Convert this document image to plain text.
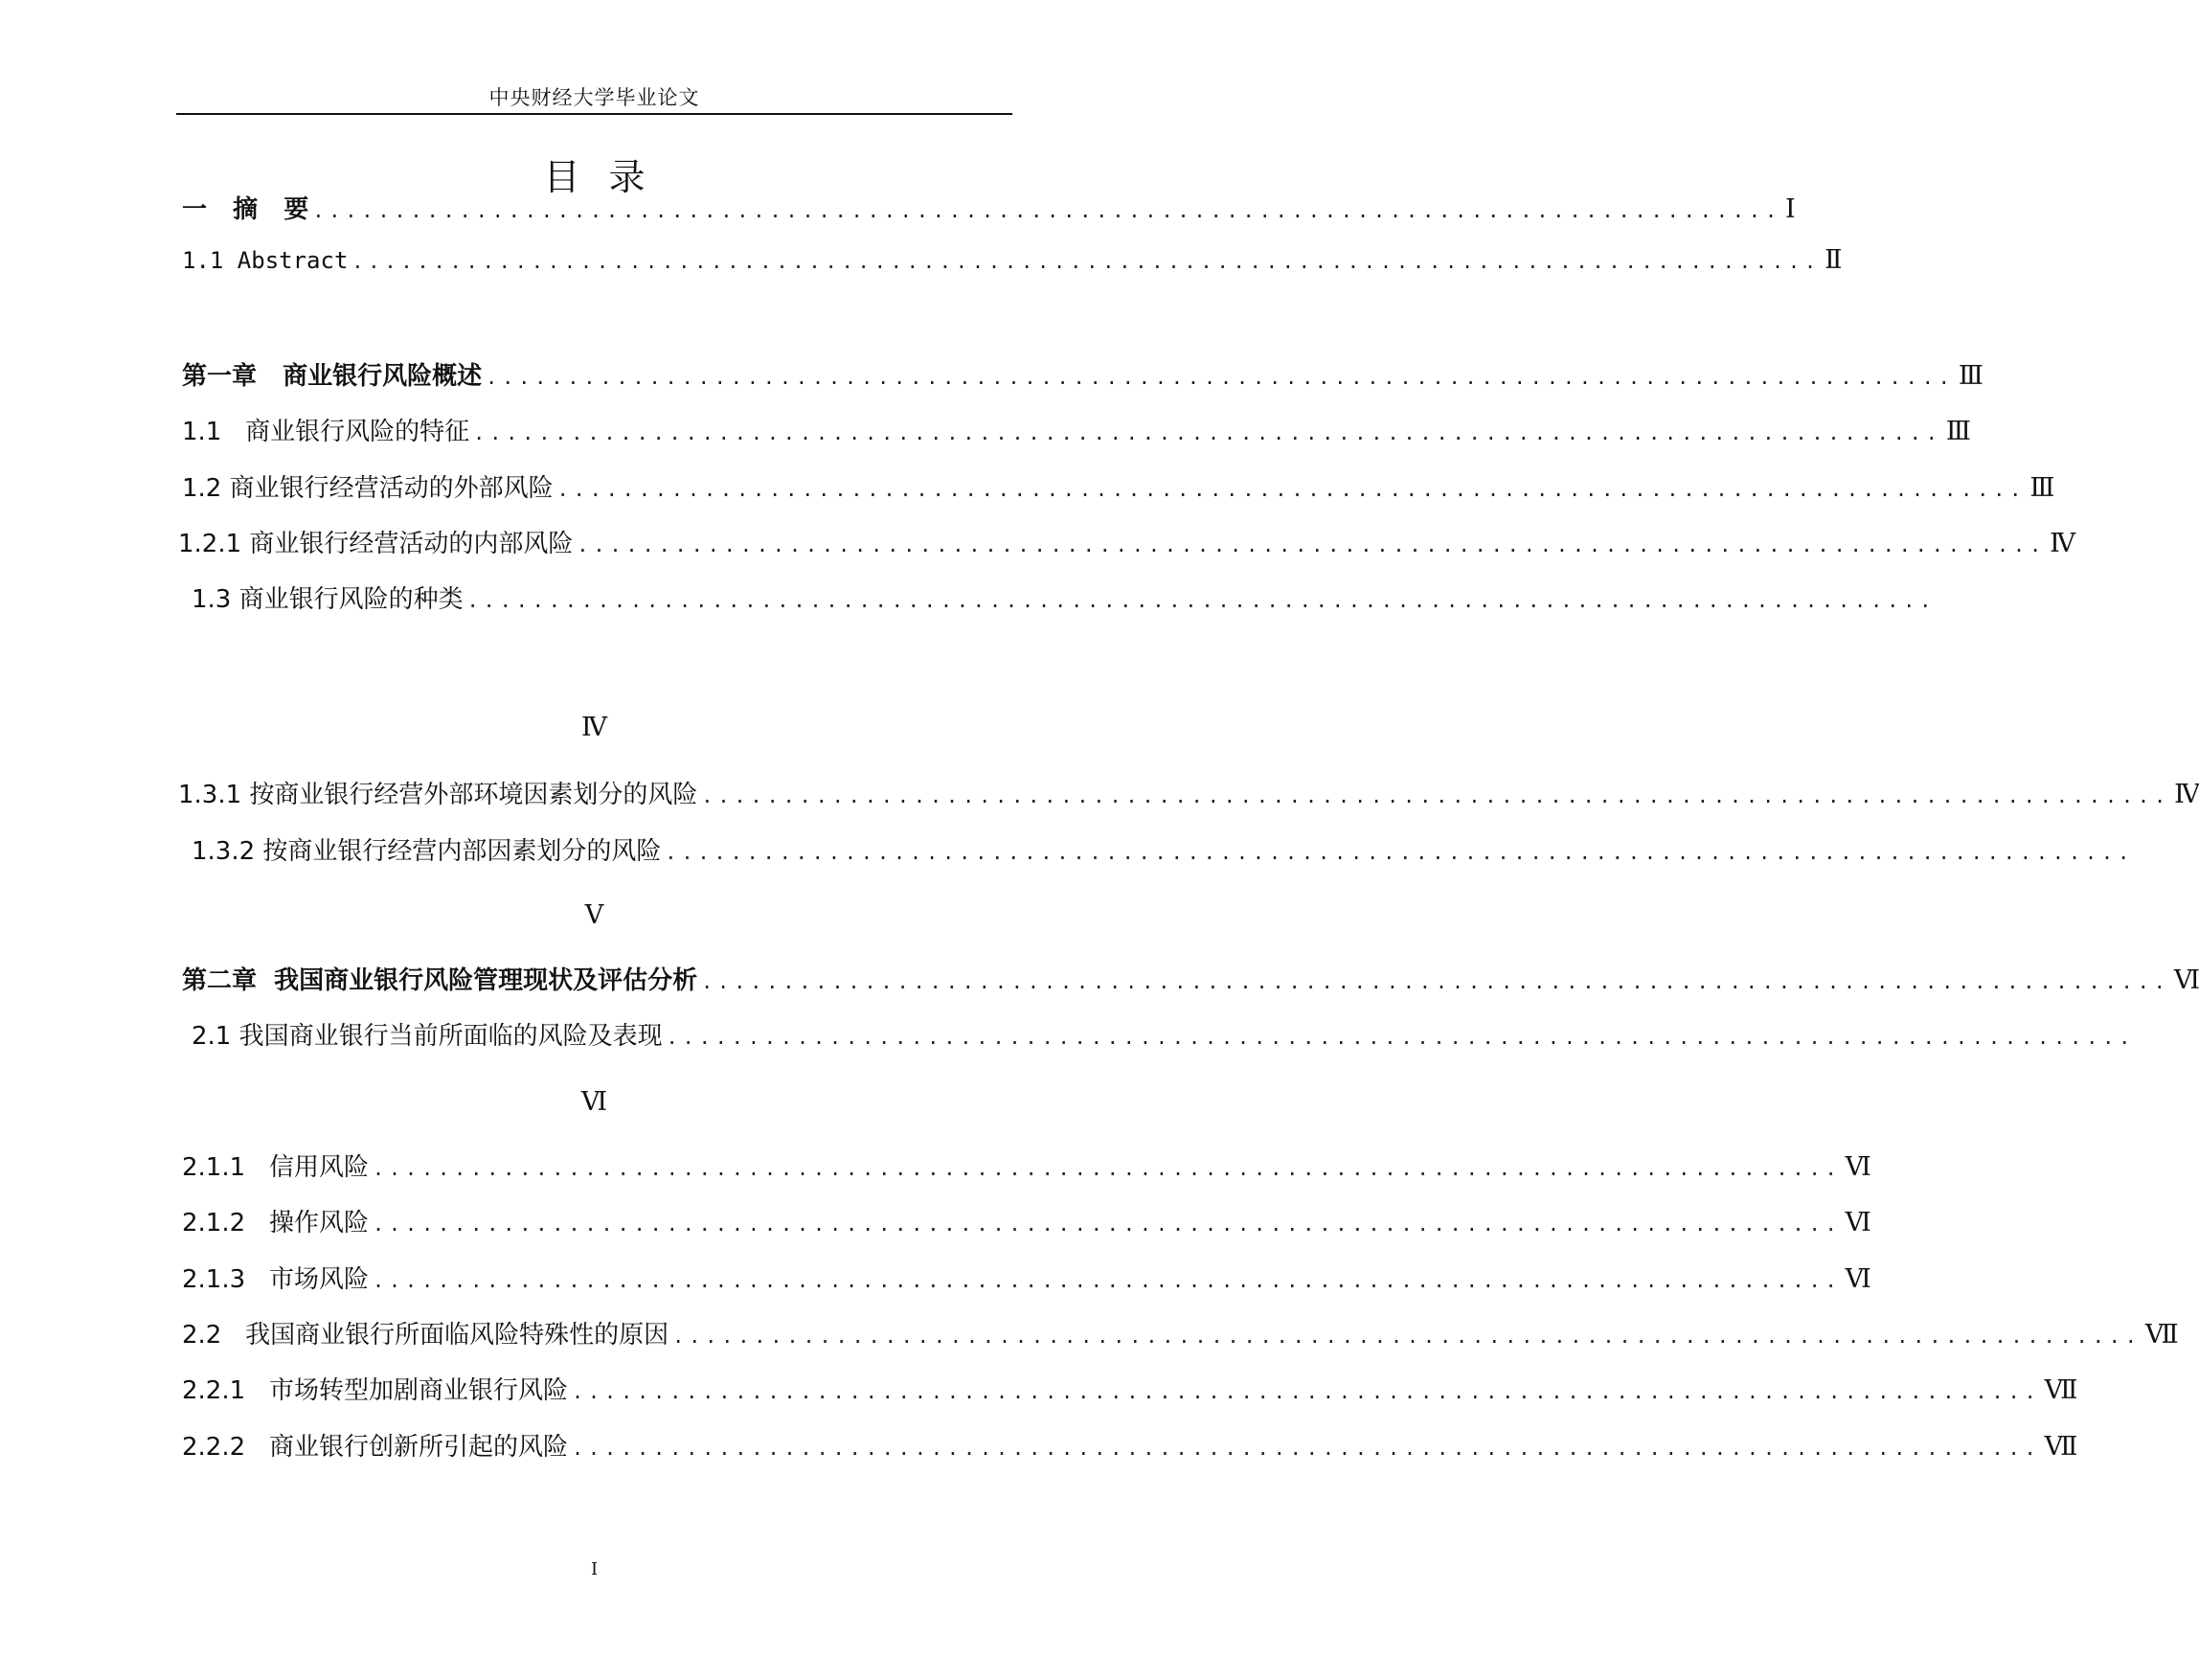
中央财经大学毕业论文
目录
一   摘   要 .......................................................................................... Ⅰ
1.1 Abstract .......................................................................................... Ⅱ
第一章   商业银行风险概述 .......................................................................................... Ⅲ
1.1   商业银行风险的特征 .......................................................................................... Ⅲ
1.2 商业银行经营活动的外部风险 .......................................................................................... Ⅲ
1.2.1 商业银行经营活动的内部风险 .......................................................................................... Ⅳ
1.3 商业银行风险的种类 ..........................................................................................
Ⅳ
1.3.1 按商业银行经营外部环境因素划分的风险 .......................................................................................... Ⅳ
1.3.2 按商业银行经营内部因素划分的风险 ..........................................................................................
Ⅴ
第二章  我国商业银行风险管理现状及评估分析 .......................................................................................... Ⅵ
2.1 我国商业银行当前所面临的风险及表现 ..........................................................................................
Ⅵ
2.1.1   信用风险 .......................................................................................... Ⅵ
2.1.2   操作风险 .......................................................................................... Ⅵ
2.1.3   市场风险 .......................................................................................... Ⅵ
2.2   我国商业银行所面临风险特殊性的原因 .......................................................................................... Ⅶ
2.2.1   市场转型加剧商业银行风险 .......................................................................................... Ⅶ
2.2.2   商业银行创新所引起的风险 .......................................................................................... Ⅶ
I
